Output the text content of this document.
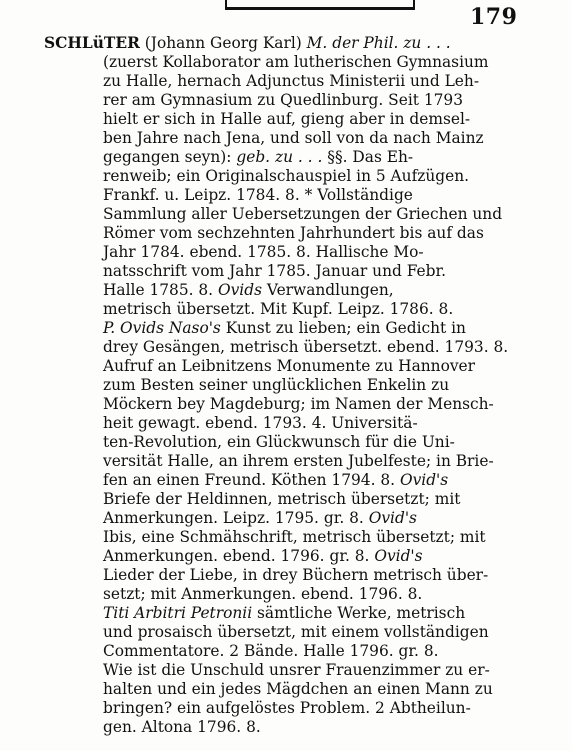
179
SCHLüTER (Johann Georg Karl) M. der Phil. zu . . .
(zuerst Kollaborator am lutherischen Gymnasium
zu Halle, hernach Adjunctus Ministerii und Leh-
rer am Gymnasium zu Quedlinburg. Seit 1793
hielt er sich in Halle auf, gieng aber in demsel-
ben Jahre nach Jena, und soll von da nach Mainz
gegangen seyn): geb. zu . . . §§. Das Eh-
renweib; ein Originalschauspiel in 5 Aufzügen.
Frankf. u. Leipz. 1784. 8. * Vollständige
Sammlung aller Uebersetzungen der Griechen und
Römer vom sechzehnten Jahrhundert bis auf das
Jahr 1784. ebend. 1785. 8. Hallische Mo-
natsschrift vom Jahr 1785. Januar und Febr.
Halle 1785. 8. Ovids Verwandlungen,
metrisch übersetzt. Mit Kupf. Leipz. 1786. 8.
P. Ovids Naso's Kunst zu lieben; ein Gedicht in
drey Gesängen, metrisch übersetzt. ebend. 1793. 8.
Aufruf an Leibnitzens Monumente zu Hannover
zum Besten seiner unglücklichen Enkelin zu
Möckern bey Magdeburg; im Namen der Mensch-
heit gewagt. ebend. 1793. 4. Universitä-
ten-Revolution, ein Glückwunsch für die Uni-
versität Halle, an ihrem ersten Jubelfeste; in Brie-
fen an einen Freund. Köthen 1794. 8. Ovid's
Briefe der Heldinnen, metrisch übersetzt; mit
Anmerkungen. Leipz. 1795. gr. 8. Ovid's
Ibis, eine Schmähschrift, metrisch übersetzt; mit
Anmerkungen. ebend. 1796. gr. 8. Ovid's
Lieder der Liebe, in drey Büchern metrisch über-
setzt; mit Anmerkungen. ebend. 1796. 8.
Titi Arbitri Petronii sämtliche Werke, metrisch
und prosaisch übersetzt, mit einem vollständigen
Commentatore. 2 Bände. Halle 1796. gr. 8.
Wie ist die Unschuld unsrer Frauenzimmer zu er-
halten und ein jedes Mägdchen an einen Mann zu
bringen? ein aufgelöstes Problem. 2 Abtheilun-
gen. Altona 1796. 8.
